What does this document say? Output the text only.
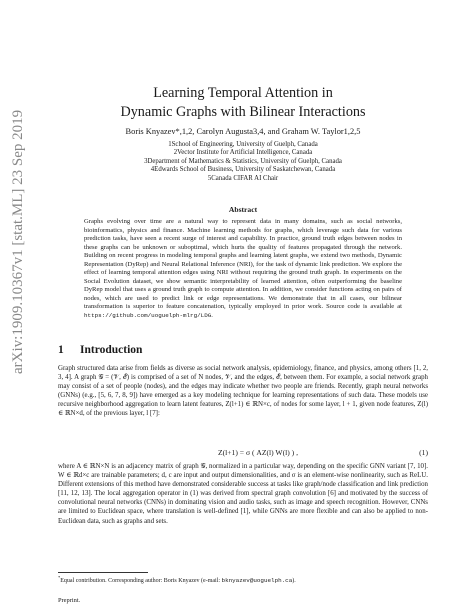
arXiv:1909.10367v1 [stat.ML] 23 Sep 2019
Learning Temporal Attention in
Dynamic Graphs with Bilinear Interactions
Boris Knyazev*,1,2, Carolyn Augusta3,4, and Graham W. Taylor1,2,5
1School of Engineering, University of Guelph, Canada
2Vector Institute for Artificial Intelligence, Canada
3Department of Mathematics & Statistics, University of Guelph, Canada
4Edwards School of Business, University of Saskatchewan, Canada
5Canada CIFAR AI Chair
Abstract
Graphs evolving over time are a natural way to represent data in many domains, such as social networks, bioinformatics, physics and finance. Machine learning methods for graphs, which leverage such data for various prediction tasks, have seen a recent surge of interest and capability. In practice, ground truth edges between nodes in these graphs can be unknown or suboptimal, which hurts the quality of features propagated through the network. Building on recent progress in modeling temporal graphs and learning latent graphs, we extend two methods, Dynamic Representation (DyRep) and Neural Relational Inference (NRI), for the task of dynamic link prediction. We explore the effect of learning temporal attention edges using NRI without requiring the ground truth graph. In experiments on the Social Evolution dataset, we show semantic interpretability of learned attention, often outperforming the baseline DyRep model that uses a ground truth graph to compute attention. In addition, we consider functions acting on pairs of nodes, which are used to predict link or edge representations. We demonstrate that in all cases, our bilinear transformation is superior to feature concatenation, typically employed in prior work. Source code is available at https://github.com/uoguelph-mlrg/LDG.
1 Introduction
Graph structured data arise from fields as diverse as social network analysis, epidemiology, finance, and physics, among others [1, 2, 3, 4]. A graph 𝒢 = (𝒱, ℰ) is comprised of a set of N nodes, 𝒱, and the edges, ℰ, between them. For example, a social network graph may consist of a set of people (nodes), and the edges may indicate whether two people are friends. Recently, graph neural networks (GNNs) (e.g., [5, 6, 7, 8, 9]) have emerged as a key modeling technique for learning representations of such data. These models use recursive neighborhood aggregation to learn latent features, Z(l+1) ∈ ℝN×c, of nodes for some layer, l + 1, given node features, Z(l) ∈ ℝN×d, of the previous layer, l [7]:
Z(l+1) = σ ( AZ(l) W(l) ) ,	(1)
where A ∈ ℝN×N is an adjacency matrix of graph 𝒢, normalized in a particular way, depending on the specific GNN variant [7, 10]. W ∈ ℝd×c are trainable parameters; d, c are input and output dimensionalities, and σ is an element-wise nonlinearity, such as ReLU. Different extensions of this method have demonstrated considerable success at tasks like graph/node classification and link prediction [11, 12, 13]. The local aggregation operator in (1) was derived from spectral graph convolution [6] and motivated by the success of convolutional neural networks (CNNs) in dominating vision and audio tasks, such as image and speech recognition. However, CNNs are limited to Euclidean space, where translation is well-defined [1], while GNNs are more flexible and can also be applied to non-Euclidean data, such as graphs and sets.
*Equal contribution. Corresponding author: Boris Knyazev (e-mail: bknyazev@uoguelph.ca).
Preprint.
